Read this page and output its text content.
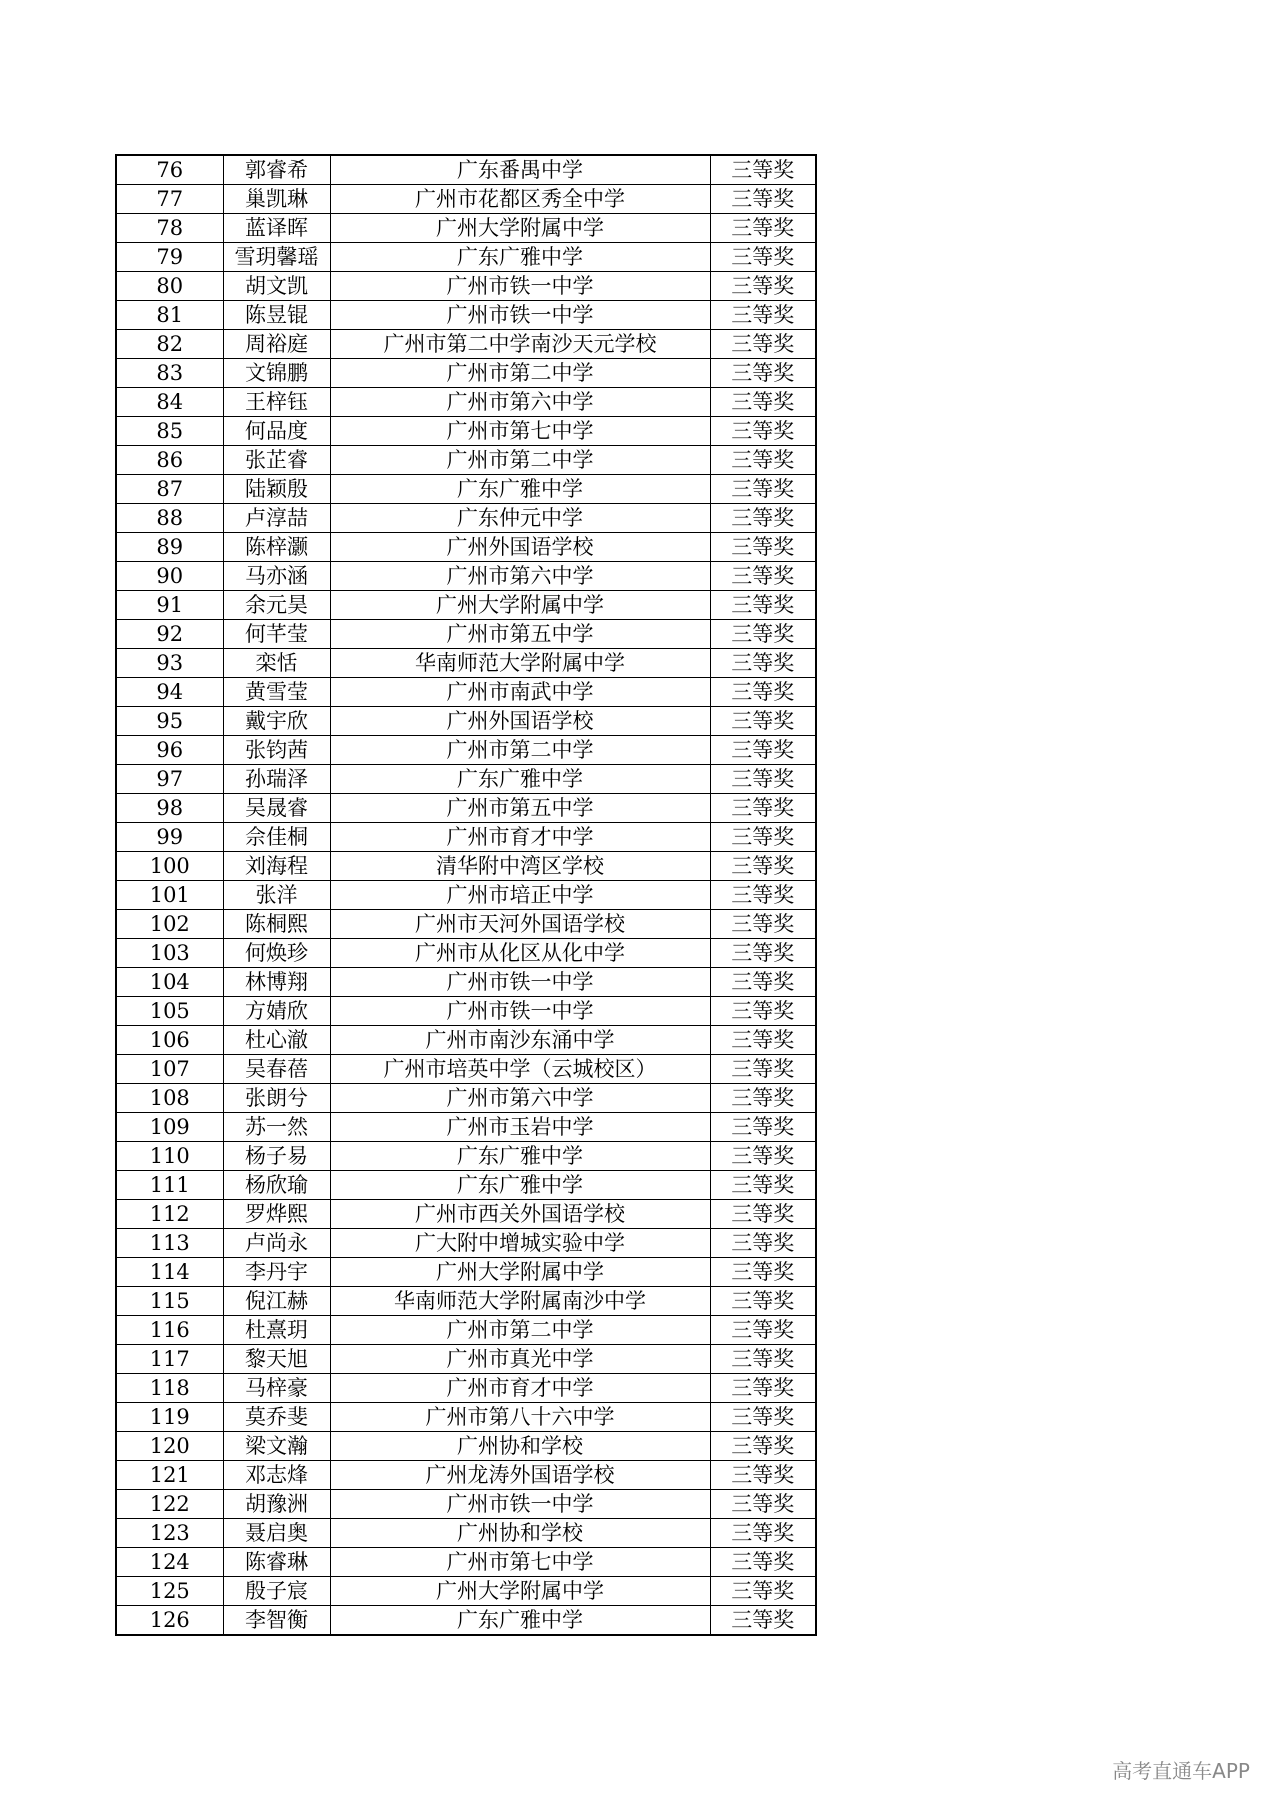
76	郭睿希	广东番禺中学	三等奖
77	巢凯琳	广州市花都区秀全中学	三等奖
78	蓝译晖	广州大学附属中学	三等奖
79	雪玥馨瑶	广东广雅中学	三等奖
80	胡文凯	广州市铁一中学	三等奖
81	陈昱锟	广州市铁一中学	三等奖
82	周裕庭	广州市第二中学南沙天元学校	三等奖
83	文锦鹏	广州市第二中学	三等奖
84	王梓钰	广州市第六中学	三等奖
85	何品度	广州市第七中学	三等奖
86	张芷睿	广州市第二中学	三等奖
87	陆颖殷	广东广雅中学	三等奖
88	卢淳喆	广东仲元中学	三等奖
89	陈梓灏	广州外国语学校	三等奖
90	马亦涵	广州市第六中学	三等奖
91	余元昊	广州大学附属中学	三等奖
92	何芊莹	广州市第五中学	三等奖
93	栾恬	华南师范大学附属中学	三等奖
94	黄雪莹	广州市南武中学	三等奖
95	戴宇欣	广州外国语学校	三等奖
96	张钧茜	广州市第二中学	三等奖
97	孙瑞泽	广东广雅中学	三等奖
98	吴晟睿	广州市第五中学	三等奖
99	佘佳桐	广州市育才中学	三等奖
100	刘海程	清华附中湾区学校	三等奖
101	张洋	广州市培正中学	三等奖
102	陈桐熙	广州市天河外国语学校	三等奖
103	何焕珍	广州市从化区从化中学	三等奖
104	林博翔	广州市铁一中学	三等奖
105	方婧欣	广州市铁一中学	三等奖
106	杜心澈	广州市南沙东涌中学	三等奖
107	吴春蓓	广州市培英中学（云城校区）	三等奖
108	张朗兮	广州市第六中学	三等奖
109	苏一然	广州市玉岩中学	三等奖
110	杨子易	广东广雅中学	三等奖
111	杨欣瑜	广东广雅中学	三等奖
112	罗烨熙	广州市西关外国语学校	三等奖
113	卢尚永	广大附中增城实验中学	三等奖
114	李丹宇	广州大学附属中学	三等奖
115	倪江赫	华南师范大学附属南沙中学	三等奖
116	杜熹玥	广州市第二中学	三等奖
117	黎天旭	广州市真光中学	三等奖
118	马梓豪	广州市育才中学	三等奖
119	莫乔斐	广州市第八十六中学	三等奖
120	梁文瀚	广州协和学校	三等奖
121	邓志烽	广州龙涛外国语学校	三等奖
122	胡豫洲	广州市铁一中学	三等奖
123	聂启奥	广州协和学校	三等奖
124	陈睿琳	广州市第七中学	三等奖
125	殷子宸	广州大学附属中学	三等奖
126	李智衡	广东广雅中学	三等奖
高考直通车APP
